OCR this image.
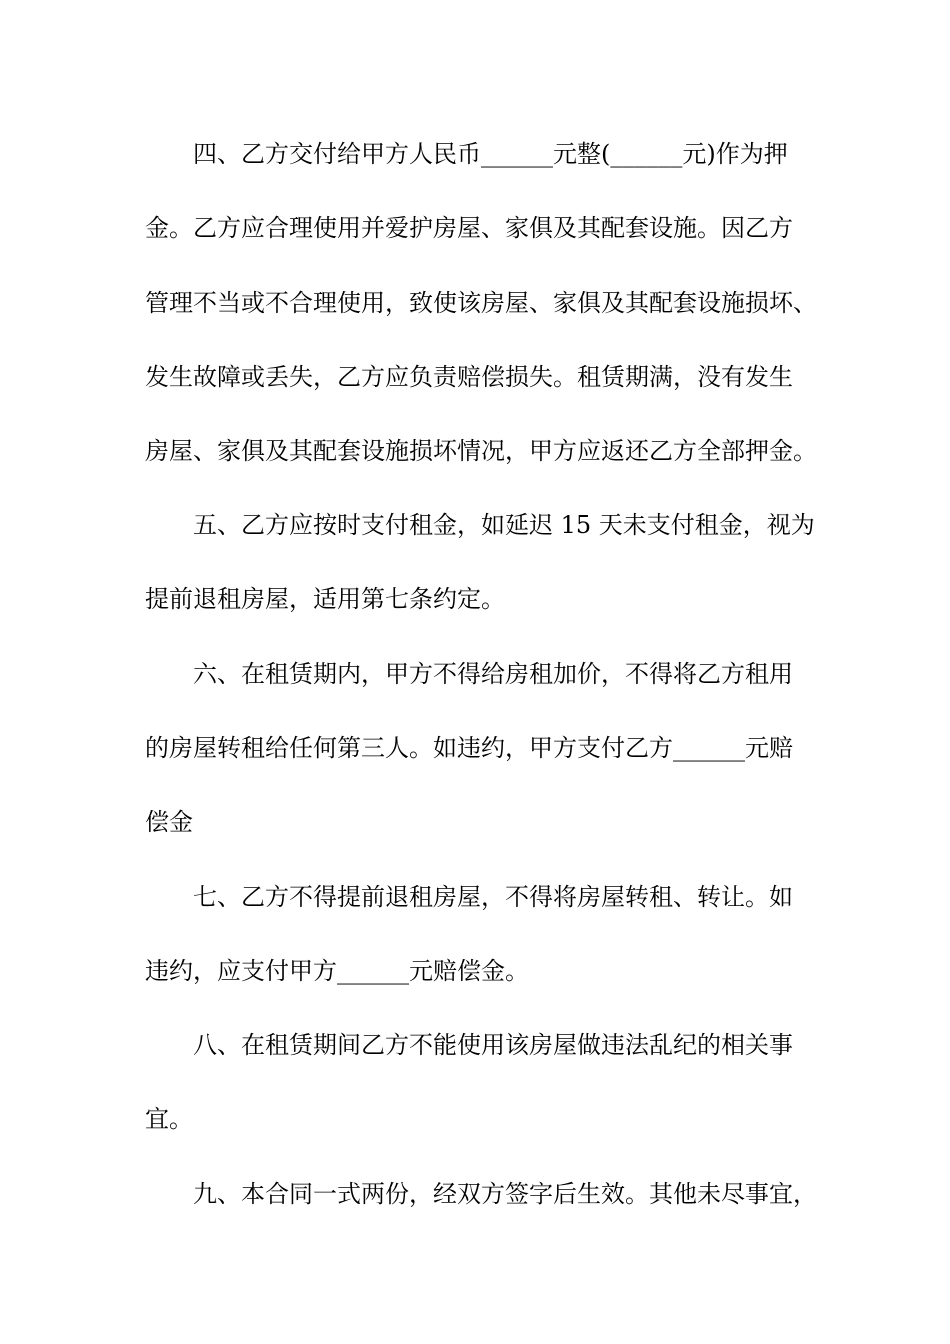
四、乙方交付给甲方人民币______元整(______元)作为押

金。乙方应合理使用并爱护房屋、家俱及其配套设施。因乙方

管理不当或不合理使用，致使该房屋、家俱及其配套设施损坏、

发生故障或丢失，乙方应负责赔偿损失。租赁期满，没有发生

房屋、家俱及其配套设施损坏情况，甲方应返还乙方全部押金。

五、乙方应按时支付租金，如延迟 15 天未支付租金，视为

提前退租房屋，适用第七条约定。

六、在租赁期内，甲方不得给房租加价，不得将乙方租用

的房屋转租给任何第三人。如违约，甲方支付乙方______元赔

偿金

七、乙方不得提前退租房屋，不得将房屋转租、转让。如

违约，应支付甲方______元赔偿金。

八、在租赁期间乙方不能使用该房屋做违法乱纪的相关事

宜。

九、本合同一式两份，经双方签字后生效。其他未尽事宜，
